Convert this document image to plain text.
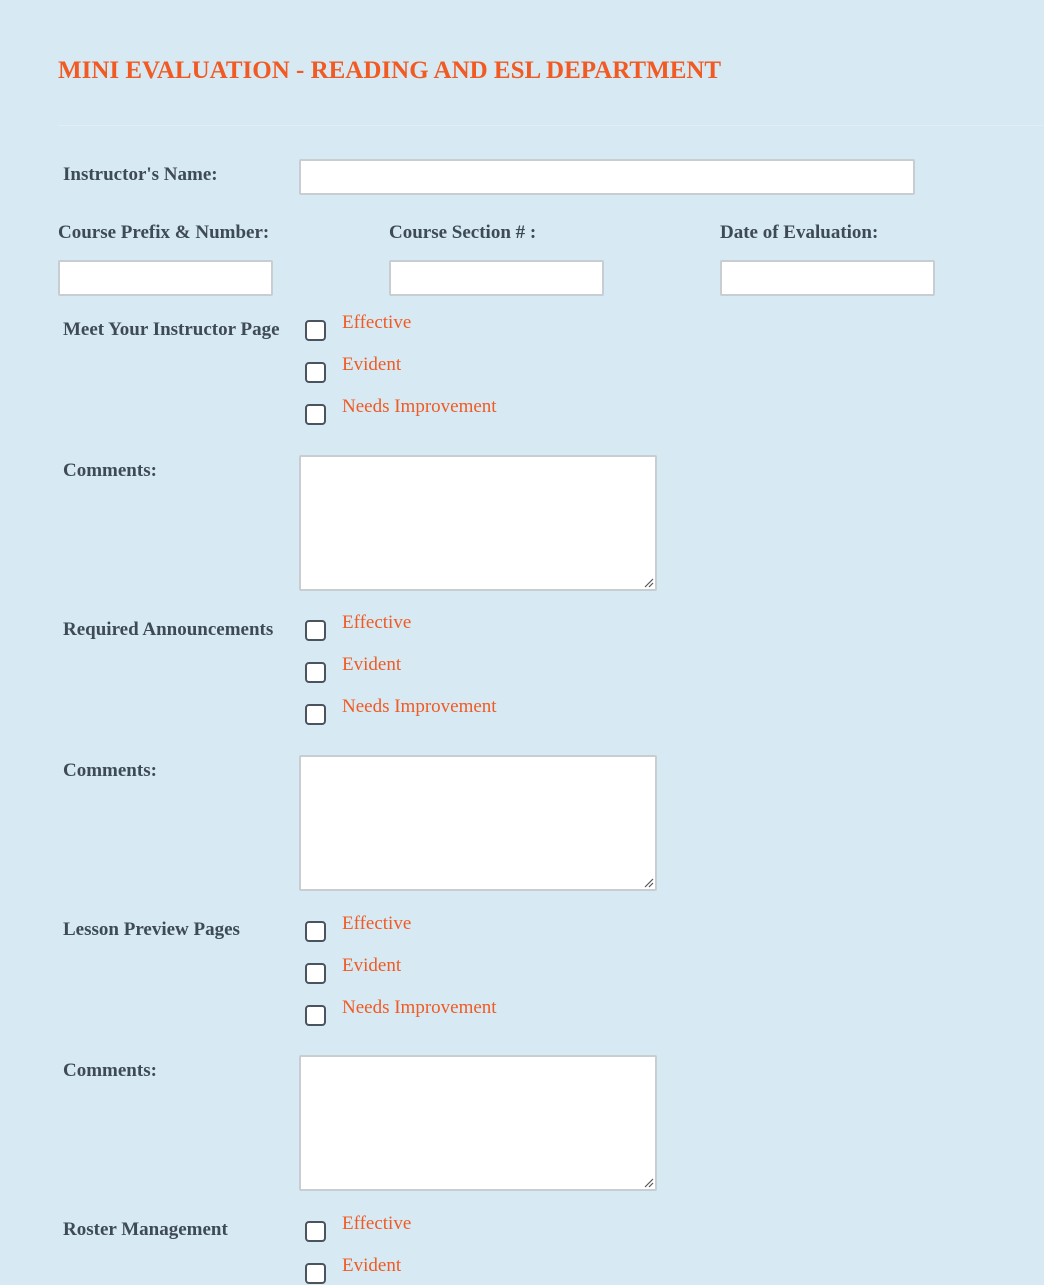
MINI EVALUATION - READING AND ESL DEPARTMENT
Instructor's Name:
Course Prefix & Number:	Course Section # :	Date of Evaluation:
Meet Your Instructor Page	Effective
Evident
Needs Improvement
Comments:
Required Announcements	Effective
Evident
Needs Improvement
Comments:
Lesson Preview Pages	Effective
Evident
Needs Improvement
Comments:
Roster Management	Effective
Evident
